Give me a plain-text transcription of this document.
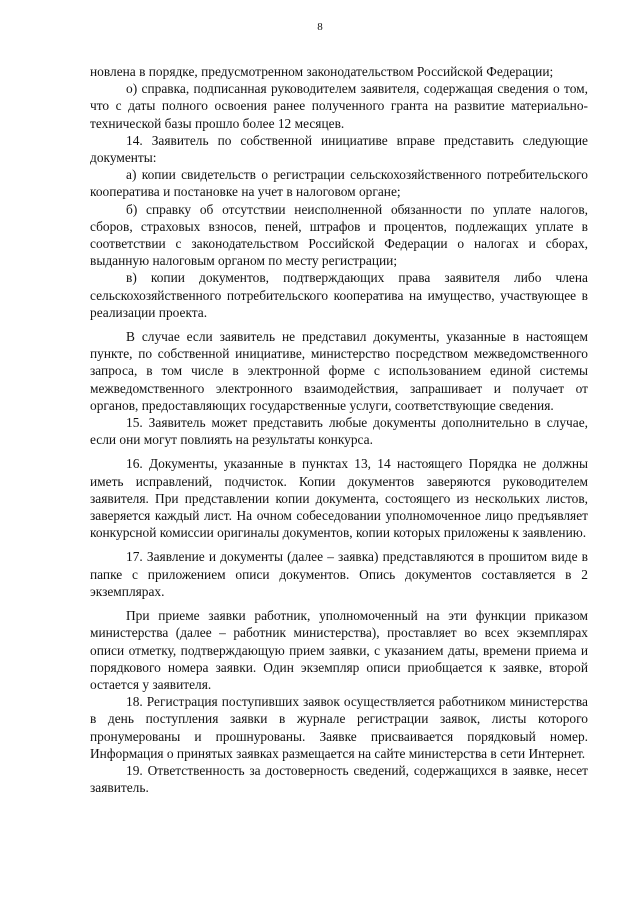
8

новлена в порядке, предусмотренном законодательством Российской Федерации;

о) справка, подписанная руководителем заявителя, содержащая сведения о том, что с даты полного освоения ранее полученного гранта на развитие материально-технической базы прошло более 12 месяцев.

14. Заявитель по собственной инициативе вправе представить следующие документы:

а) копии свидетельств о регистрации сельскохозяйственного потребительского кооператива и постановке на учет в налоговом органе;

б) справку об отсутствии неисполненной обязанности по уплате налогов, сборов, страховых взносов, пеней, штрафов и процентов, подлежащих уплате в соответствии с законодательством Российской Федерации о налогах и сборах, выданную налоговым органом по месту регистрации;

в) копии документов, подтверждающих права заявителя либо члена сельскохозяйственного потребительского кооператива на имущество, участвующее в реализации проекта.

В случае если заявитель не представил документы, указанные в настоящем пункте, по собственной инициативе, министерство посредством межведомственного запроса, в том числе в электронной форме с использованием единой системы межведомственного электронного взаимодействия, запрашивает и получает от органов, предоставляющих государственные услуги, соответствующие сведения.

15. Заявитель может представить любые документы дополнительно в случае, если они могут повлиять на результаты конкурса.

16. Документы, указанные в пунктах 13, 14 настоящего Порядка не должны иметь исправлений, подчисток. Копии документов заверяются руководителем заявителя. При представлении копии документа, состоящего из нескольких листов, заверяется каждый лист. На очном собеседовании уполномоченное лицо предъявляет конкурсной комиссии оригиналы документов, копии которых приложены к заявлению.

17. Заявление и документы (далее – заявка) представляются в прошитом виде в папке с приложением описи документов. Опись документов составляется в 2 экземплярах.

При приеме заявки работник, уполномоченный на эти функции приказом министерства (далее – работник министерства), проставляет во всех экземплярах описи отметку, подтверждающую прием заявки, с указанием даты, времени приема и порядкового номера заявки. Один экземпляр описи приобщается к заявке, второй остается у заявителя.

18. Регистрация поступивших заявок осуществляется работником министерства в день поступления заявки в журнале регистрации заявок, листы которого пронумерованы и прошнурованы. Заявке присваивается порядковый номер. Информация о принятых заявках размещается на сайте министерства в сети Интернет.

19. Ответственность за достоверность сведений, содержащихся в заявке, несет заявитель.
